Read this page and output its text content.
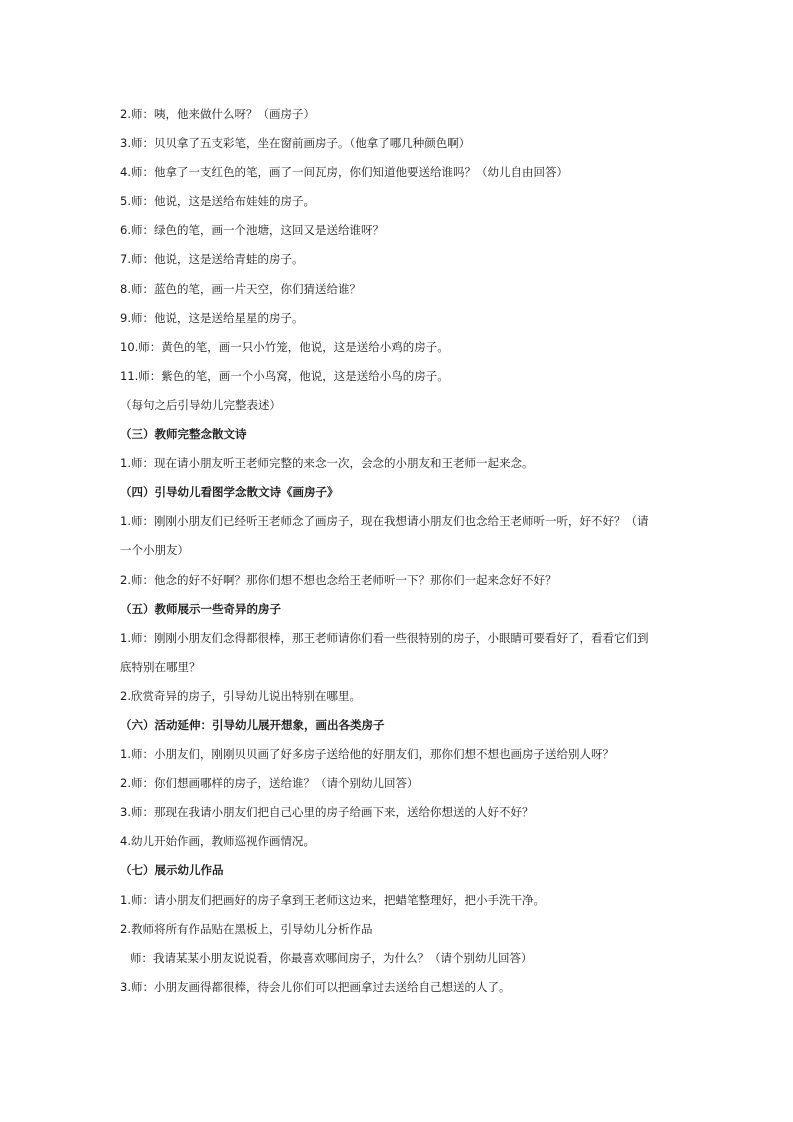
2.师：咦，他来做什么呀？（画房子）
3.师：贝贝拿了五支彩笔，坐在窗前画房子。（他拿了哪几种颜色啊）
4.师：他拿了一支红色的笔，画了一间瓦房，你们知道他要送给谁吗？（幼儿自由回答）
5.师：他说，这是送给布娃娃的房子。
6.师：绿色的笔，画一个池塘，这回又是送给谁呀？
7.师：他说，这是送给青蛙的房子。
8.师：蓝色的笔，画一片天空，你们猜送给谁？
9.师：他说，这是送给星星的房子。
10.师：黄色的笔，画一只小竹笼，他说，这是送给小鸡的房子。
11.师：紫色的笔，画一个小鸟窝，他说，这是送给小鸟的房子。
（每句之后引导幼儿完整表述）
（三）教师完整念散文诗
1.师：现在请小朋友听王老师完整的来念一次，会念的小朋友和王老师一起来念。
（四）引导幼儿看图学念散文诗《画房子》
1.师：刚刚小朋友们已经听王老师念了画房子，现在我想请小朋友们也念给王老师听一听，好不好？（请
一个小朋友）
2.师：他念的好不好啊？那你们想不想也念给王老师听一下？那你们一起来念好不好？
（五）教师展示一些奇异的房子
1.师：刚刚小朋友们念得都很棒，那王老师请你们看一些很特别的房子，小眼睛可要看好了，看看它们到
底特别在哪里？
2.欣赏奇异的房子，引导幼儿说出特别在哪里。
（六）活动延伸：引导幼儿展开想象，画出各类房子
1.师：小朋友们，刚刚贝贝画了好多房子送给他的好朋友们，那你们想不想也画房子送给别人呀？
2.师：你们想画哪样的房子，送给谁？（请个别幼儿回答）
3.师：那现在我请小朋友们把自己心里的房子给画下来，送给你想送的人好不好？
4.幼儿开始作画，教师巡视作画情况。
（七）展示幼儿作品
1.师：请小朋友们把画好的房子拿到王老师这边来，把蜡笔整理好，把小手洗干净。
2.教师将所有作品贴在黑板上，引导幼儿分析作品
师：我请某某小朋友说说看，你最喜欢哪间房子，为什么？（请个别幼儿回答）
3.师：小朋友画得都很棒，待会儿你们可以把画拿过去送给自己想送的人了。
